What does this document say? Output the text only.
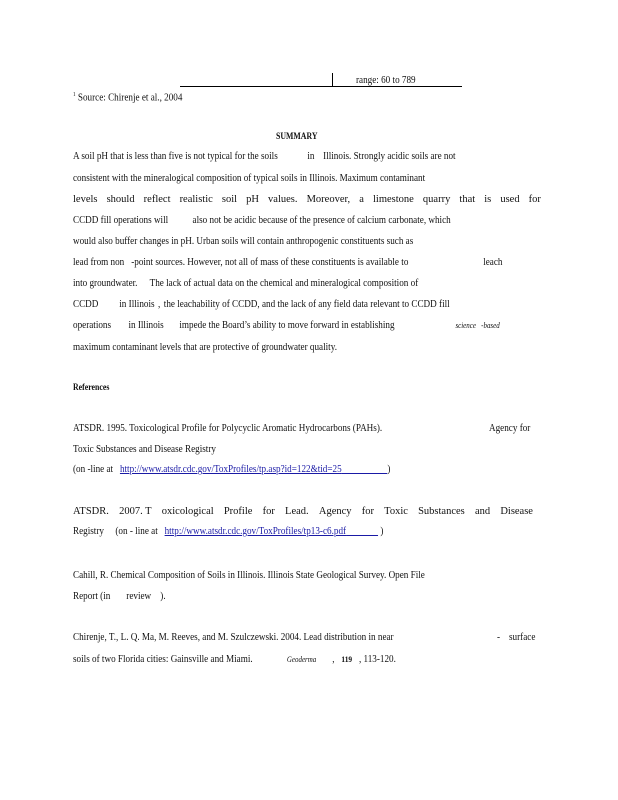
range: 60 to 789
$^1$ Source: Chirenje et al., 2004
SUMMARY
A soil pH that is less than five is not typical for the soils	in Illinois. Strongly acidic soils are not
consistent with the mineralogical composition of typical soils in Illinois. Maximum contaminant
levels should reflect realistic soil pH values. Moreover, a limestone quarry that is used for
CCDD fill operations will also not be acidic because of the presence of calcium carbonate, which
would also buffer changes in pH. Urban soils will contain anthropogenic constituents such as
lead from non -point sources. However, not all of mass of these constituents is available to	leach
into groundwater. The lack of actual data on the chemical and mineralogical composition of
CCDD in Illinois , the leachability of CCDD, and the lack of any field data relevant to CCDD fill
operations in Illinois impede the Board’s ability to move forward in establishing	science -based
maximum contaminant levels that are protective of groundwater quality.
References
ATSDR. 1995. Toxicological Profile for Polycyclic Aromatic Hydrocarbons (PAHs).	Agency for
Toxic Substances and Disease Registry
(on -line at http://www.atsdr.cdc.gov/ToxProfiles/tp.asp?id=122&tid=25	)
ATSDR. 2007. T oxicological Profile for Lead. Agency for Toxic Substances and Disease
Registry (on - line at http://www.atsdr.cdc.gov/ToxProfiles/tp13-c6.pdf	)
Cahill, R. Chemical Composition of Soils in Illinois. Illinois State Geological Survey. Open File
Report (in review ).
Chirenje, T., L. Q. Ma, M. Reeves, and M. Szulczewski. 2004. Lead distribution in near	- surface
soils of two Florida cities: Gainsville and Miami.	Geoderma , 119 , 113-120.
